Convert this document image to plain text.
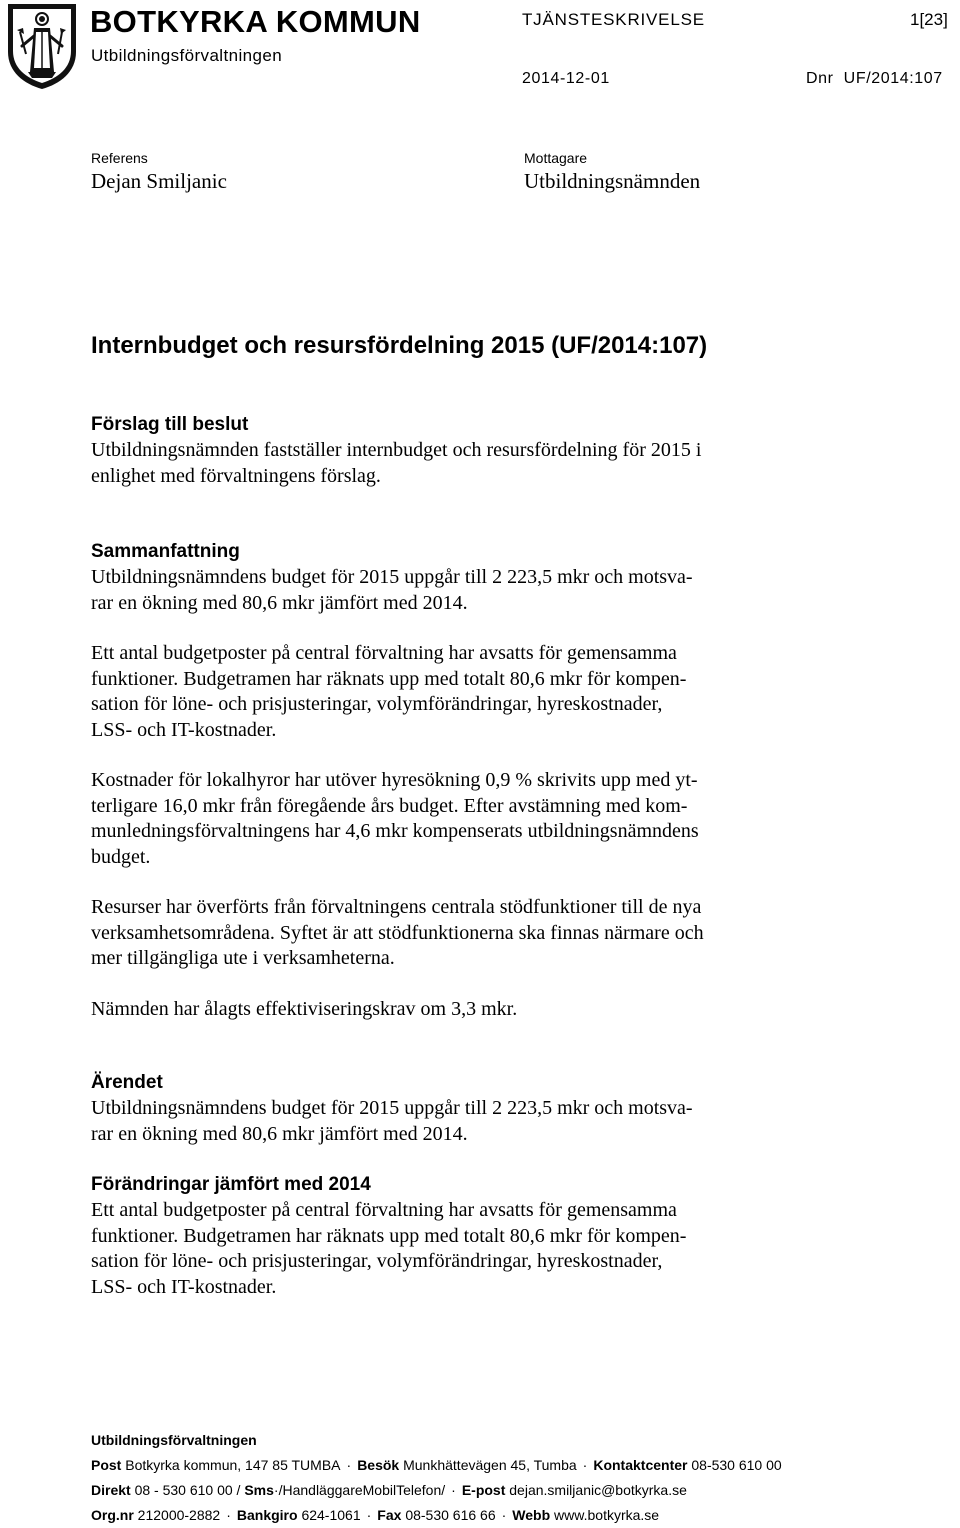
BOTKYRKA KOMMUN
Utbildningsförvaltningen
TJÄNSTESKRIVELSE	1[23]
2014-12-01	Dnr  UF/2014:107
Referens
Dejan Smiljanic
Mottagare
Utbildningsnämnden
Internbudget och resursfördelning 2015 (UF/2014:107)
Förslag till beslut
Utbildningsnämnden fastställer internbudget och resursfördelning för 2015 i
enlighet med förvaltningens förslag.
Sammanfattning
Utbildningsnämndens budget för 2015 uppgår till 2 223,5 mkr och motsva-
rar en ökning med 80,6 mkr jämfört med 2014.
Ett antal budgetposter på central förvaltning har avsatts för gemensamma
funktioner. Budgetramen har räknats upp med totalt 80,6 mkr för kompen-
sation för löne- och prisjusteringar, volymförändringar, hyreskostnader,
LSS- och IT-kostnader.
Kostnader för lokalhyror har utöver hyresökning 0,9 % skrivits upp med yt-
terligare 16,0 mkr från föregående års budget. Efter avstämning med kom-
munledningsförvaltningens har 4,6 mkr kompenserats utbildningsnämndens
budget.
Resurser har överförts från förvaltningens centrala stödfunktioner till de nya
verksamhetsområdena. Syftet är att stödfunktionerna ska finnas närmare och
mer tillgängliga ute i verksamheterna.
Nämnden har ålagts effektiviseringskrav om 3,3 mkr.
Ärendet
Utbildningsnämndens budget för 2015 uppgår till 2 223,5 mkr och motsva-
rar en ökning med 80,6 mkr jämfört med 2014.
Förändringar jämfört med 2014
Ett antal budgetposter på central förvaltning har avsatts för gemensamma
funktioner. Budgetramen har räknats upp med totalt 80,6 mkr för kompen-
sation för löne- och prisjusteringar, volymförändringar, hyreskostnader,
LSS- och IT-kostnader.
Utbildningsförvaltningen
Post Botkyrka kommun, 147 85 TUMBA · Besök Munkhättevägen 45, Tumba · Kontaktcenter 08-530 610 00
Direkt 08 - 530 610 00 / Sms·/HandläggareMobilTelefon/ · E-post dejan.smiljanic@botkyrka.se
Org.nr 212000-2882 · Bankgiro 624-1061 · Fax 08-530 616 66 · Webb www.botkyrka.se
